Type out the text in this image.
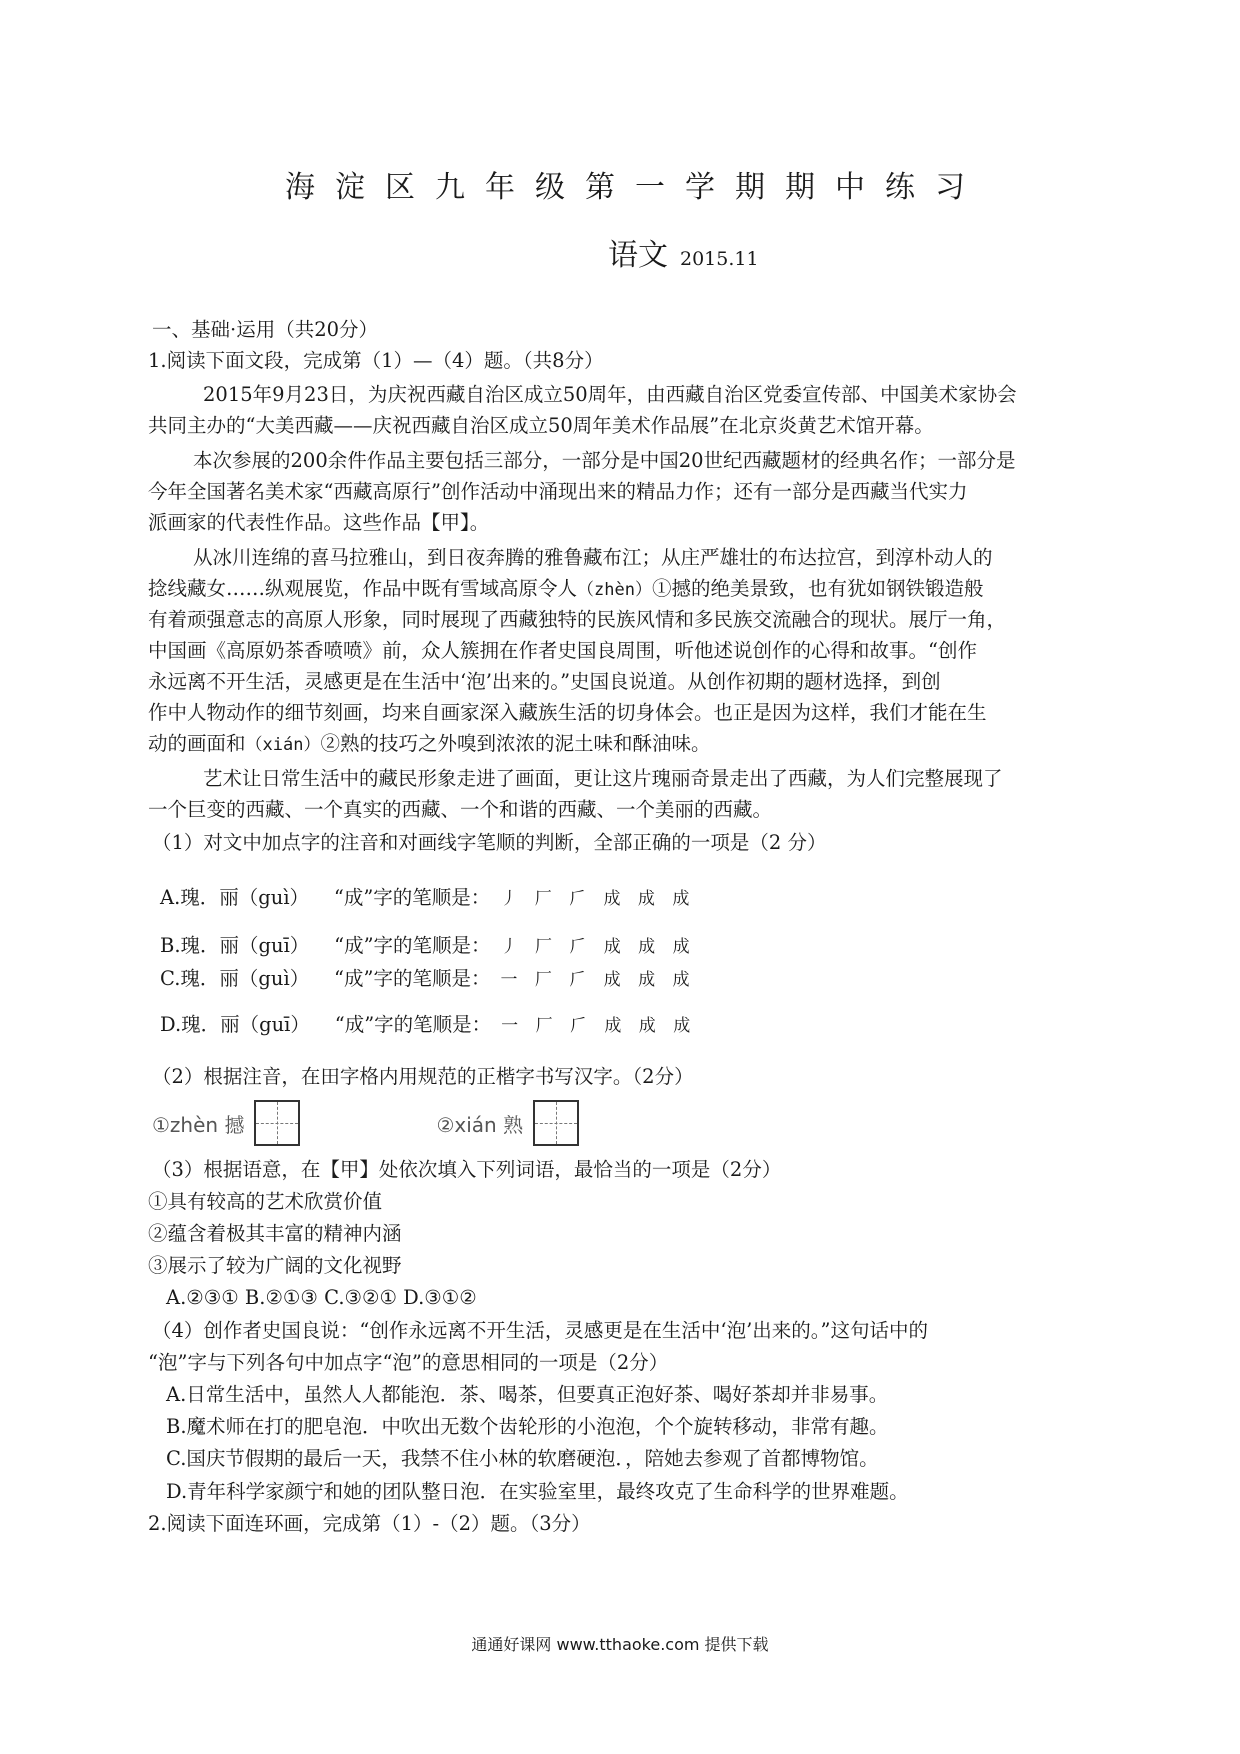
海淀区九年级第一学期期中练习
语文 2015.11
一、基础·运用（共20分）
1.阅读下面文段，完成第（1）—（4）题。（共8分）
2015年9月23日，为庆祝西藏自治区成立50周年，由西藏自治区党委宣传部、中国美术家协会
共同主办的“大美西藏——庆祝西藏自治区成立50周年美术作品展”在北京炎黄艺术馆开幕。
本次参展的200余件作品主要包括三部分，一部分是中国20世纪西藏题材的经典名作；一部分是
今年全国著名美术家“西藏高原行”创作活动中涌现出来的精品力作；还有一部分是西藏当代实力
派画家的代表性作品。这些作品【甲】。
从冰川连绵的喜马拉雅山，到日夜奔腾的雅鲁藏布江；从庄严雄壮的布达拉宫，到淳朴动人的
捻线藏女……纵观展览，作品中既有雪域高原令人（zhèn）①撼的绝美景致，也有犹如钢铁锻造般
有着顽强意志的高原人形象，同时展现了西藏独特的民族风情和多民族交流融合的现状。展厅一角，
中国画《高原奶茶香喷喷》前，众人簇拥在作者史国良周围，听他述说创作的心得和故事。“创作
永远离不开生活，灵感更是在生活中‘泡’出来的。”史国良说道。从创作初期的题材选择，到创
作中人物动作的细节刻画，均来自画家深入藏族生活的切身体会。也正是因为这样，我们才能在生
动的画面和（xián）②熟的技巧之外嗅到浓浓的泥土味和酥油味。
艺术让日常生活中的藏民形象走进了画面，更让这片瑰丽奇景走出了西藏，为人们完整展现了
一个巨变的西藏、一个真实的西藏、一个和谐的西藏、一个美丽的西藏。
（1）对文中加点字的注音和对画线字笔顺的判断，全部正确的一项是（2 分）
A.瑰．丽（guì） “成”字的笔顺是： 丿 厂 𠂆 成 成 成
B.瑰．丽（guī） “成”字的笔顺是： 丿 厂 𠂆 成 成 成
C.瑰．丽（guì） “成”字的笔顺是： 一 厂 𠂆 成 成 成
D.瑰．丽（guī） “成”字的笔顺是： 一 厂 𠂆 成 成 成
（2）根据注音，在田字格内用规范的正楷字书写汉字。（2分）
①zhèn 撼	②xián 熟
（3）根据语意，在【甲】处依次填入下列词语，最恰当的一项是（2分）
①具有较高的艺术欣赏价值
②蕴含着极其丰富的精神内涵
③展示了较为广阔的文化视野
A.②③① B.②①③ C.③②① D.③①②
（4）创作者史国良说：“创作永远离不开生活，灵感更是在生活中‘泡’出来的。”这句话中的
“泡”字与下列各句中加点字“泡”的意思相同的一项是（2分）
A.日常生活中，虽然人人都能泡．茶、喝茶，但要真正泡好茶、喝好茶却并非易事。
B.魔术师在打的肥皂泡．中吹出无数个齿轮形的小泡泡，个个旋转移动，非常有趣。
C.国庆节假期的最后一天，我禁不住小林的软磨硬泡．，陪她去参观了首都博物馆。
D.青年科学家颜宁和她的团队整日泡．在实验室里，最终攻克了生命科学的世界难题。
2.阅读下面连环画，完成第（1）-（2）题。（3分）
通通好课网 www.tthaoke.com 提供下载
